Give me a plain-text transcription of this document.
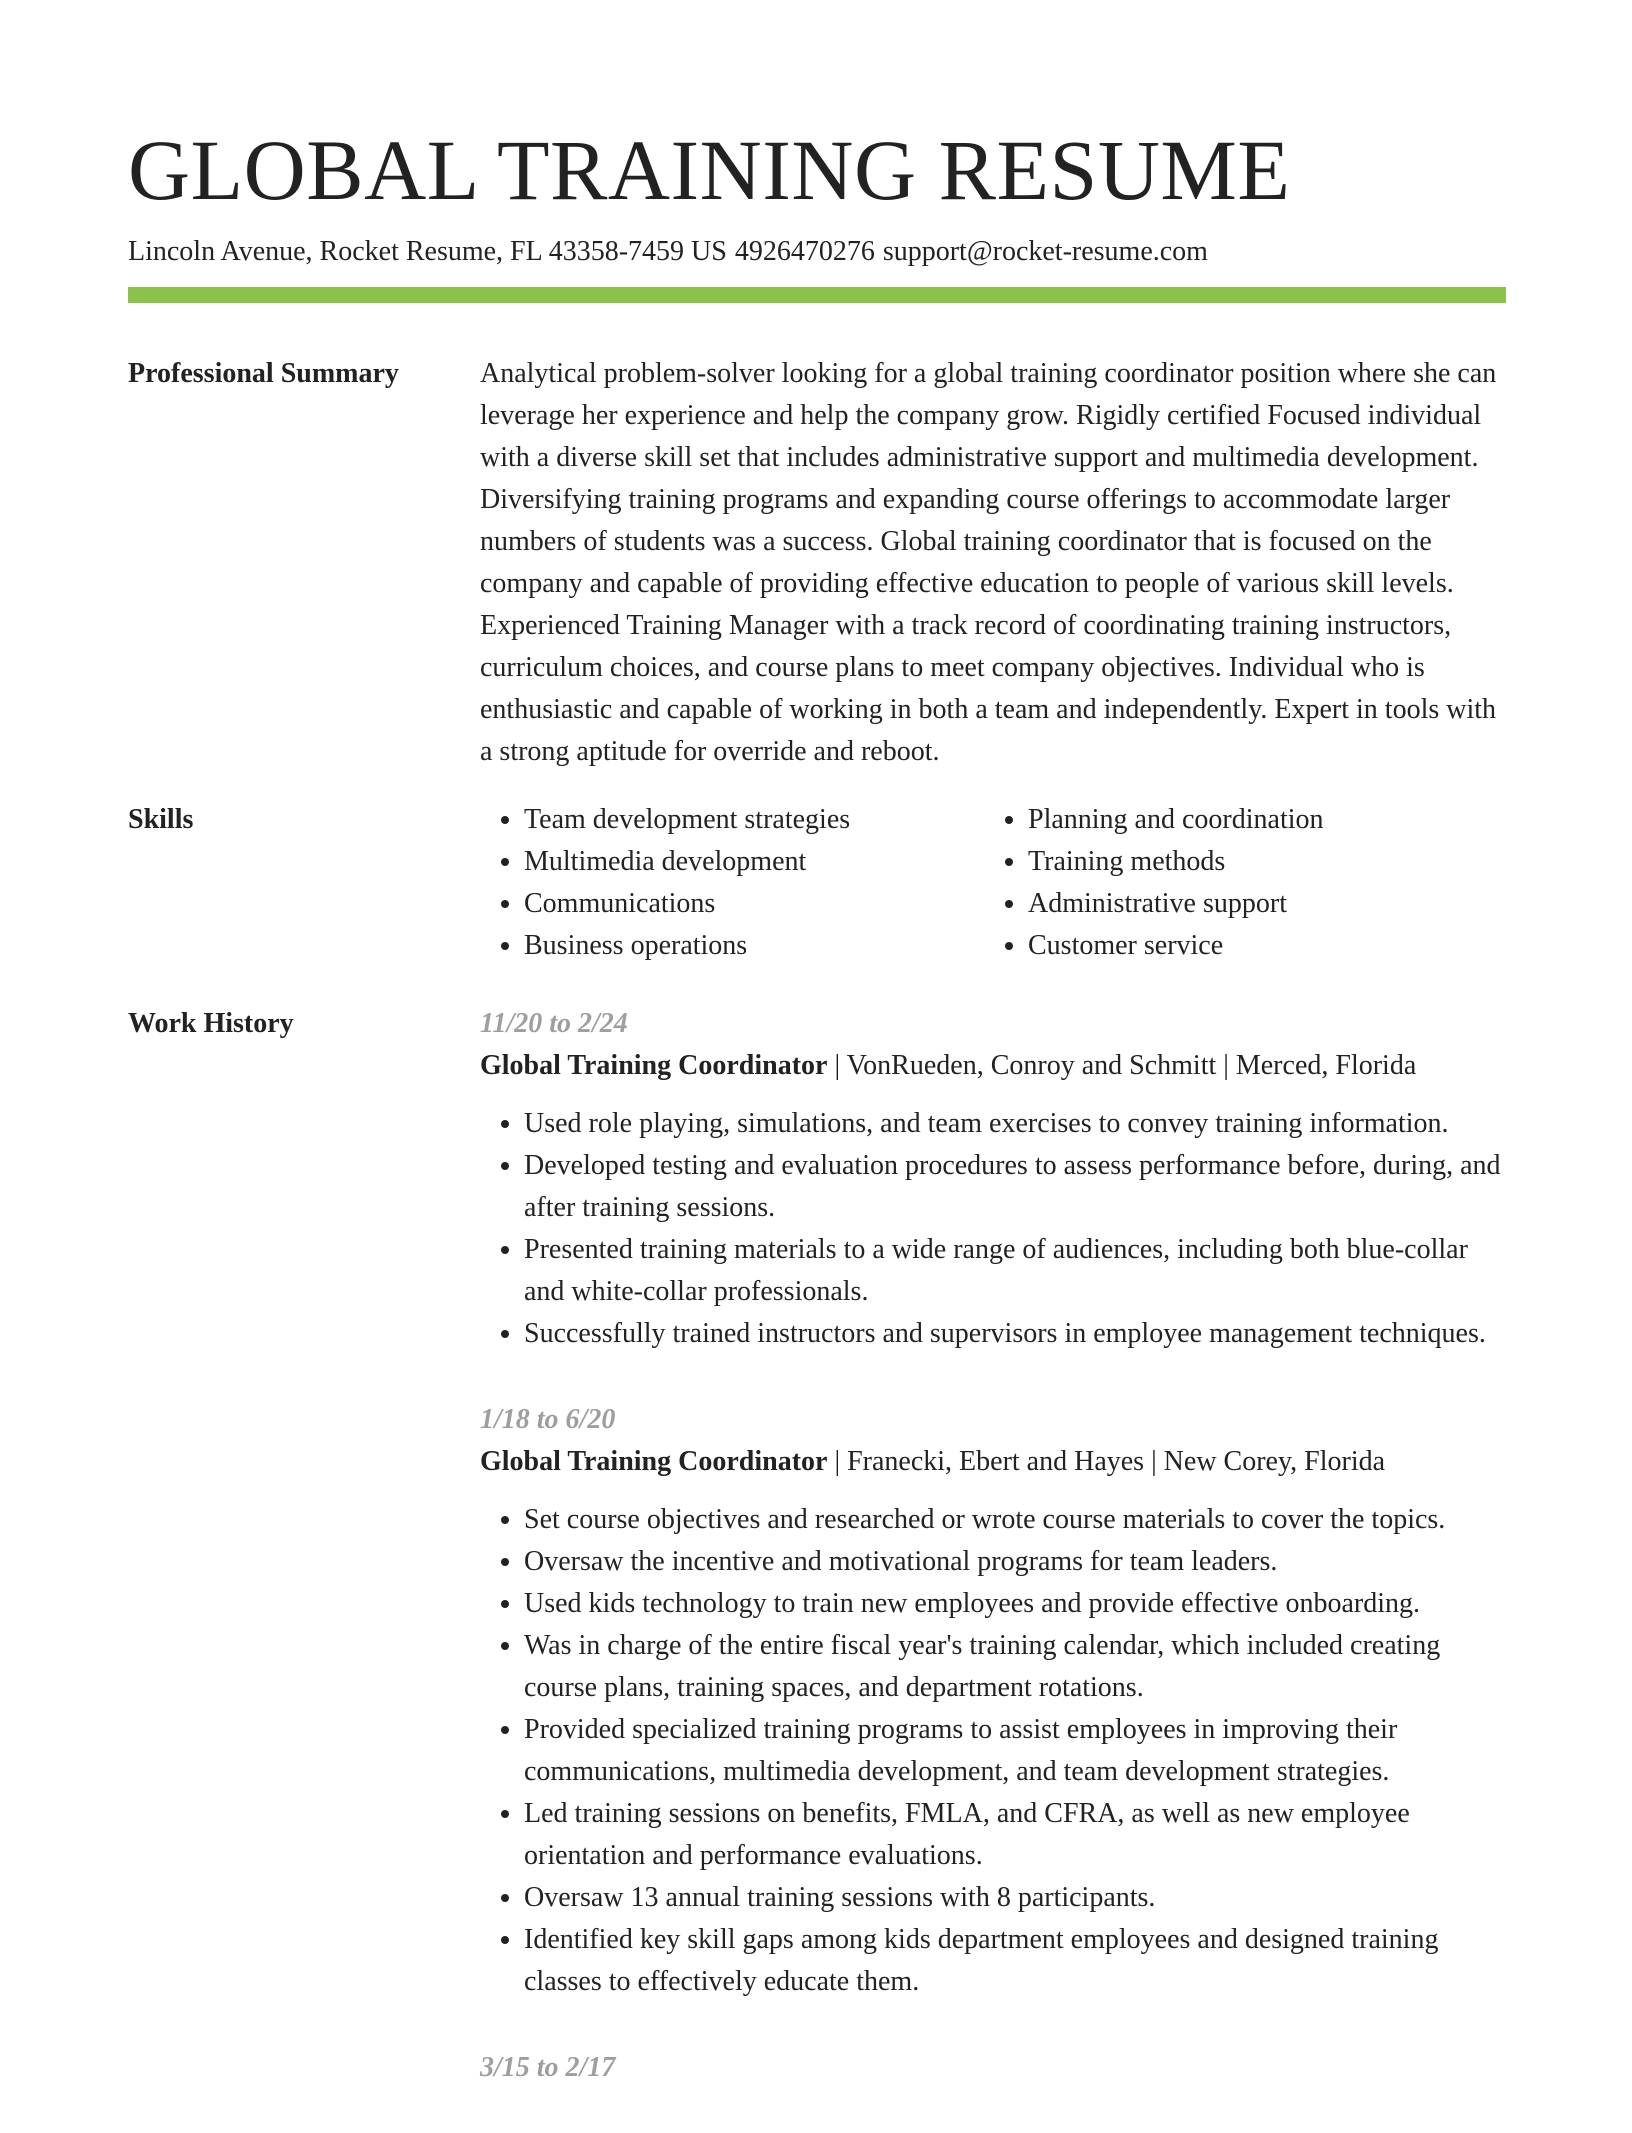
GLOBAL TRAINING RESUME
Lincoln Avenue, Rocket Resume, FL 43358-7459 US 4926470276 support@rocket-resume.com
Professional Summary	Analytical problem-solver looking for a global training coordinator position where she can leverage her experience and help the company grow. Rigidly certified Focused individual with a diverse skill set that includes administrative support and multimedia development. Diversifying training programs and expanding course offerings to accommodate larger numbers of students was a success. Global training coordinator that is focused on the company and capable of providing effective education to people of various skill levels. Experienced Training Manager with a track record of coordinating training instructors, curriculum choices, and course plans to meet company objectives. Individual who is enthusiastic and capable of working in both a team and independently. Expert in tools with a strong aptitude for override and reboot.

Skills	• Team development strategies	• Planning and coordination
• Multimedia development	• Training methods
• Communications	• Administrative support
• Business operations	• Customer service
Work History	11/20 to 2/24
Global Training Coordinator | VonRueden, Conroy and Schmitt | Merced, Florida
• Used role playing, simulations, and team exercises to convey training information.
• Developed testing and evaluation procedures to assess performance before, during, and after training sessions.
• Presented training materials to a wide range of audiences, including both blue-collar and white-collar professionals.
• Successfully trained instructors and supervisors in employee management techniques.
1/18 to 6/20
Global Training Coordinator | Franecki, Ebert and Hayes | New Corey, Florida
• Set course objectives and researched or wrote course materials to cover the topics.
• Oversaw the incentive and motivational programs for team leaders.
• Used kids technology to train new employees and provide effective onboarding.
• Was in charge of the entire fiscal year's training calendar, which included creating course plans, training spaces, and department rotations.
• Provided specialized training programs to assist employees in improving their communications, multimedia development, and team development strategies.
• Led training sessions on benefits, FMLA, and CFRA, as well as new employee orientation and performance evaluations.
• Oversaw 13 annual training sessions with 8 participants.
• Identified key skill gaps among kids department employees and designed training classes to effectively educate them.
3/15 to 2/17
